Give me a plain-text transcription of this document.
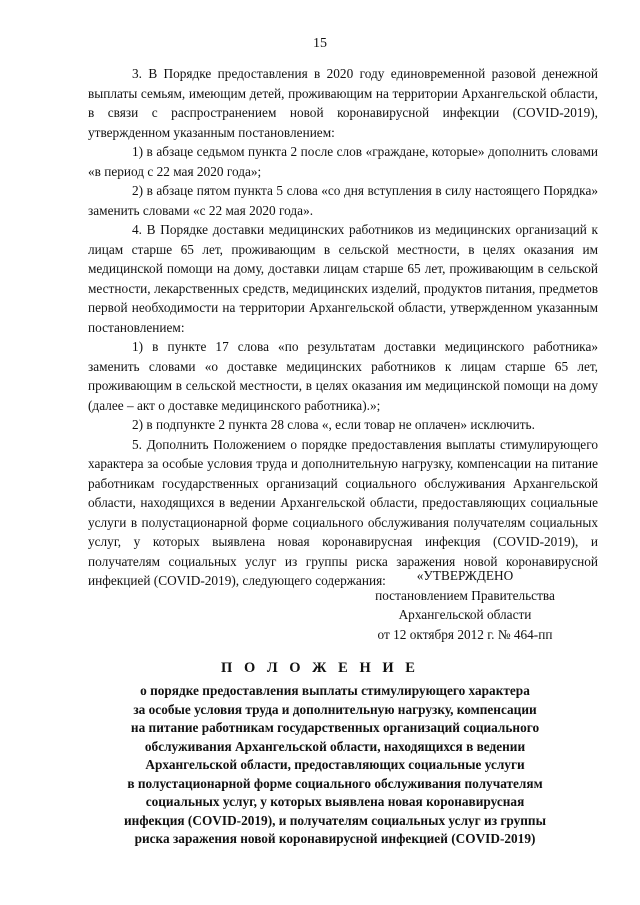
15

3. В Порядке предоставления в 2020 году единовременной разовой денежной выплаты семьям, имеющим детей, проживающим на территории Архангельской области, в связи с распространением новой коронавирусной инфекции (COVID-2019), утвержденном указанным постановлением:

1) в абзаце седьмом пункта 2 после слов «граждане, которые» дополнить словами «в период с 22 мая 2020 года»;

2) в абзаце пятом пункта 5 слова «со дня вступления в силу настоящего Порядка» заменить словами «с 22 мая 2020 года».

4. В Порядке доставки медицинских работников из медицинских организаций к лицам старше 65 лет, проживающим в сельской местности, в целях оказания им медицинской помощи на дому, доставки лицам старше 65 лет, проживающим в сельской местности, лекарственных средств, медицинских изделий, продуктов питания, предметов первой необходимости на территории Архангельской области, утвержденном указанным постановлением:

1) в пункте 17 слова «по результатам доставки медицинского работника» заменить словами «о доставке медицинских работников к лицам старше 65 лет, проживающим в сельской местности, в целях оказания им медицинской помощи на дому (далее – акт о доставке медицинского работника).»;

2) в подпункте 2 пункта 28 слова «, если товар не оплачен» исключить.

5. Дополнить Положением о порядке предоставления выплаты стимулирующего характера за особые условия труда и дополнительную нагрузку, компенсации на питание работникам государственных организаций социального обслуживания Архангельской области, находящихся в ведении Архангельской области, предоставляющих социальные услуги в полустационарной форме социального обслуживания получателям социальных услуг, у которых выявлена новая коронавирусная инфекция (COVID-2019), и получателям социальных услуг из группы риска заражения новой коронавирусной инфекцией (COVID-2019), следующего содержания:	«УТВЕРЖДЕНО
постановлением Правительства
Архангельской области
от 12 октября 2012 г. № 464-пп
П О Л О Ж Е Н И Е
о порядке предоставления выплаты стимулирующего характера
за особые условия труда и дополнительную нагрузку, компенсации
на питание работникам государственных организаций социального
обслуживания Архангельской области, находящихся в ведении
Архангельской области, предоставляющих социальные услуги
в полустационарной форме социального обслуживания получателям
социальных услуг, у которых выявлена новая коронавирусная
инфекция (COVID-2019), и получателям социальных услуг из группы
риска заражения новой коронавирусной инфекцией (COVID-2019)
